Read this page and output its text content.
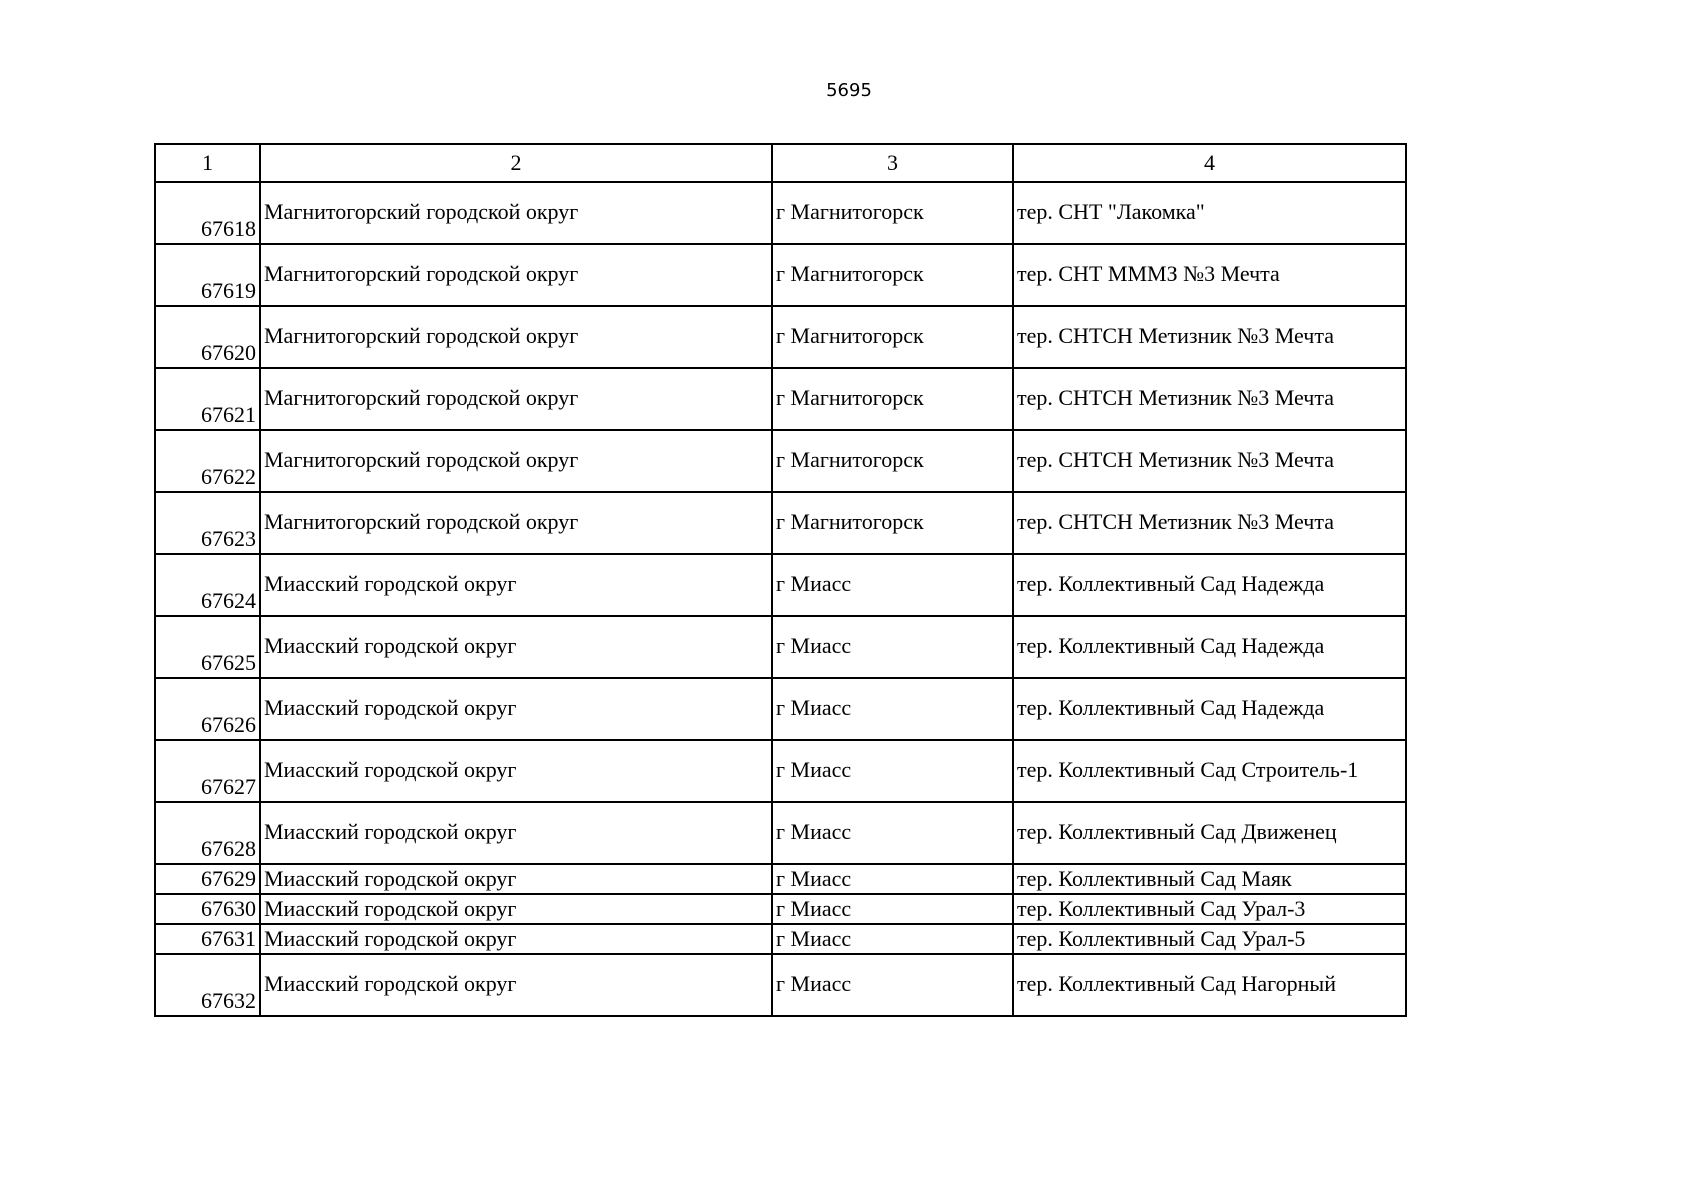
5695
1	2	3	4
67618	Магнитогорский городской округ	г Магнитогорск	тер. СНТ "Лакомка"
67619	Магнитогорский городской округ	г Магнитогорск	тер. СНТ МММЗ №3 Мечта
67620	Магнитогорский городской округ	г Магнитогорск	тер. СНТСН Метизник №3 Мечта
67621	Магнитогорский городской округ	г Магнитогорск	тер. СНТСН Метизник №3 Мечта
67622	Магнитогорский городской округ	г Магнитогорск	тер. СНТСН Метизник №3 Мечта
67623	Магнитогорский городской округ	г Магнитогорск	тер. СНТСН Метизник №3 Мечта
67624	Миасский городской округ	г Миасс	тер. Коллективный Сад Надежда
67625	Миасский городской округ	г Миасс	тер. Коллективный Сад Надежда
67626	Миасский городской округ	г Миасс	тер. Коллективный Сад Надежда
67627	Миасский городской округ	г Миасс	тер. Коллективный Сад Строитель-1
67628	Миасский городской округ	г Миасс	тер. Коллективный Сад Движенец
67629	Миасский городской округ	г Миасс	тер. Коллективный Сад Маяк
67630	Миасский городской округ	г Миасс	тер. Коллективный Сад Урал-3
67631	Миасский городской округ	г Миасс	тер. Коллективный Сад Урал-5
67632	Миасский городской округ	г Миасс	тер. Коллективный Сад Нагорный
